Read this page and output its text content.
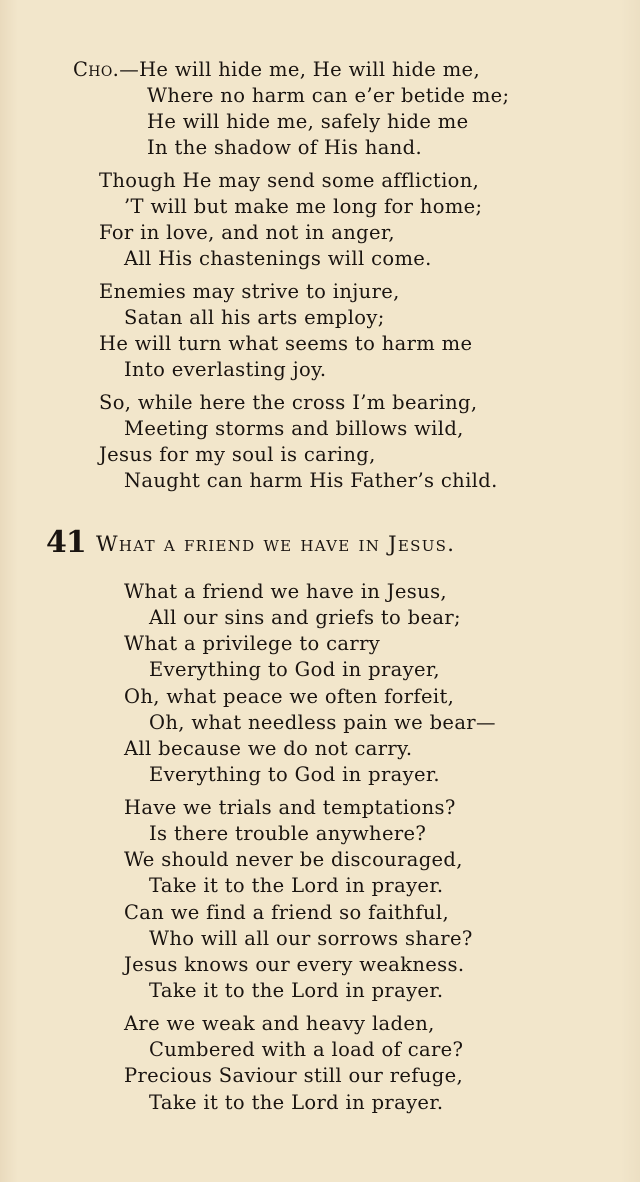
Cho.—He will hide me, He will hide me,
Where no harm can e’er betide me;
He will hide me, safely hide me
In the shadow of His hand.
Though He may send some affliction,
’T will but make me long for home;
For in love, and not in anger,
All His chastenings will come.
Enemies may strive to injure,
Satan all his arts employ;
He will turn what seems to harm me
Into everlasting joy.
So, while here the cross I’m bearing,
Meeting storms and billows wild,
Jesus for my soul is caring,
Naught can harm His Father’s child.
41 What a friend we have in Jesus.
What a friend we have in Jesus,
All our sins and griefs to bear;
What a privilege to carry
Everything to God in prayer,
Oh, what peace we often forfeit,
Oh, what needless pain we bear—
All because we do not carry.
Everything to God in prayer.
Have we trials and temptations?
Is there trouble anywhere?
We should never be discouraged,
Take it to the Lord in prayer.
Can we find a friend so faithful,
Who will all our sorrows share?
Jesus knows our every weakness.
Take it to the Lord in prayer.
Are we weak and heavy laden,
Cumbered with a load of care?
Precious Saviour still our refuge,
Take it to the Lord in prayer.
